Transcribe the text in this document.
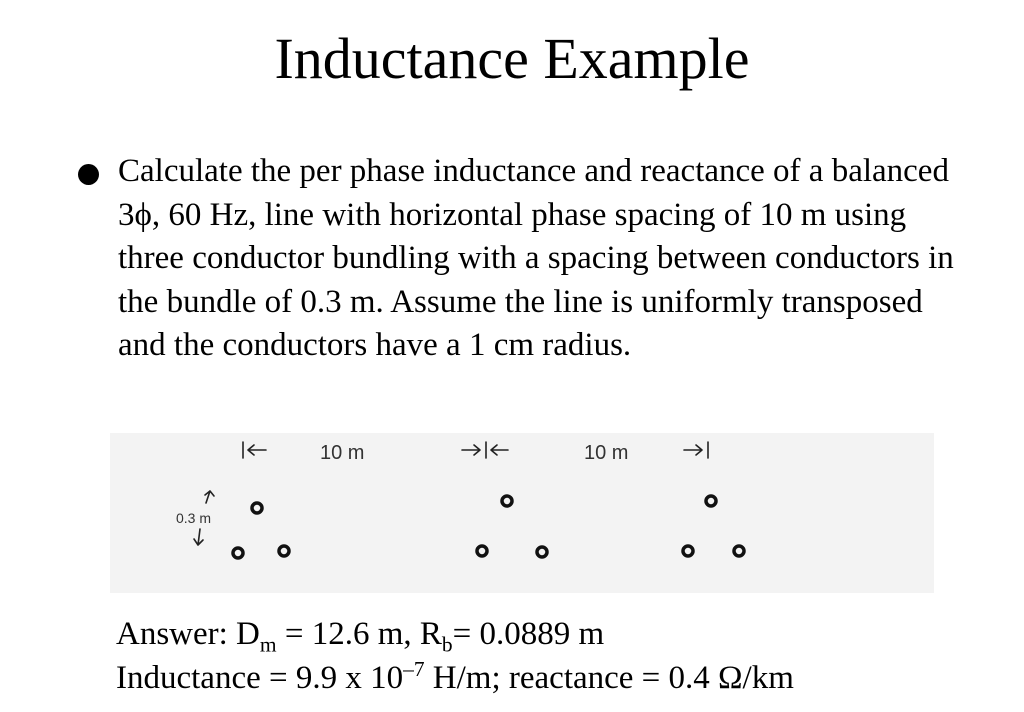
Inductance Example

Calculate the per phase inductance and reactance of a balanced 3ϕ, 60 Hz, line with horizontal phase spacing of 10 m using three conductor bundling with a spacing between conductors in the bundle of 0.3 m. Assume the line is uniformly transposed and the conductors have a 1 cm radius.

10 m	10 m
0.3 m
Answer: $D_m = 12.6$ m, $R_b= 0.0889$ m
Inductance = 9.9 x $10^{-7}$ H/m; reactance = 0.4 Ω/km
